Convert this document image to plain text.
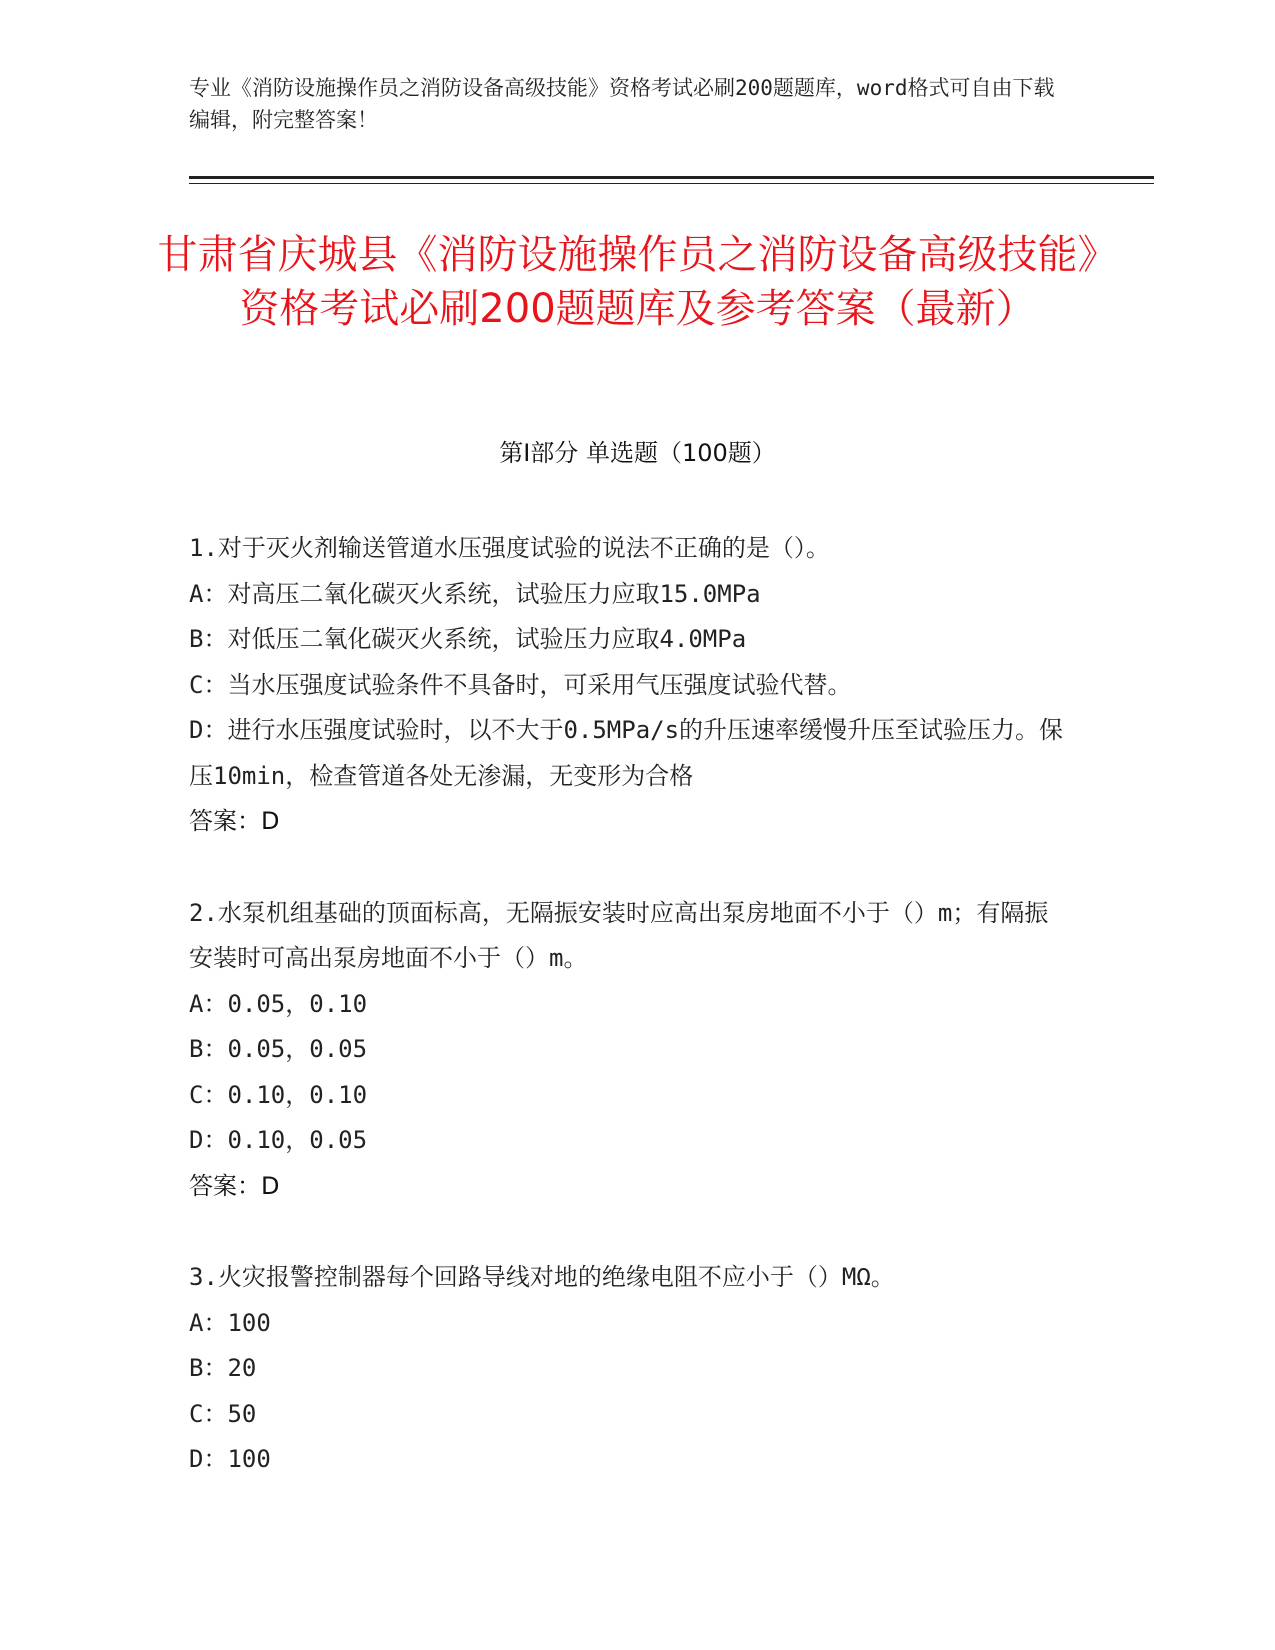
专业《消防设施操作员之消防设备高级技能》资格考试必刷200题题库，word格式可自由下载编辑，附完整答案！
甘肃省庆城县《消防设施操作员之消防设备高级技能》资格考试必刷200题题库及参考答案（最新）
第Ⅰ部分 单选题（100题）

1.对于灭火剂输送管道水压强度试验的说法不正确的是（）。

A：对高压二氧化碳灭火系统，试验压力应取15.0MPa

B：对低压二氧化碳灭火系统，试验压力应取4.0MPa

C：当水压强度试验条件不具备时，可采用气压强度试验代替。

D：进行水压强度试验时，以不大于0.5MPa/s的升压速率缓慢升压至试验压力。保压10min，检查管道各处无渗漏，无变形为合格

答案：D

2.水泵机组基础的顶面标高，无隔振安装时应高出泵房地面不小于（）m；有隔振安装时可高出泵房地面不小于（）m。

A：0.05，0.10

B：0.05，0.05

C：0.10，0.10

D：0.10，0.05

答案：D

3.火灾报警控制器每个回路导线对地的绝缘电阻不应小于（）MΩ。

A：100

B：20

C：50

D：100
